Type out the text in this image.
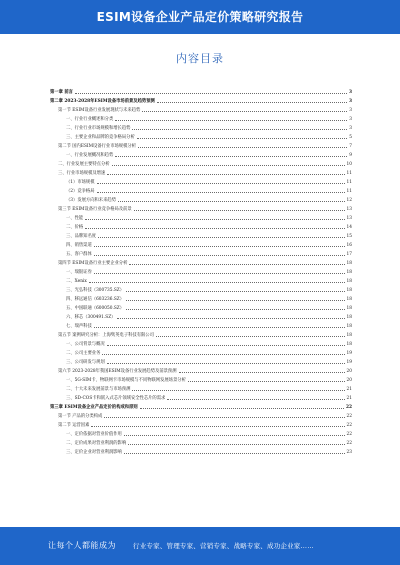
ESIM设备企业产品定价策略研究报告
内容目录
第一章 前言	3
第二章 2023-2028年ESIM设备市场前景及趋势预测	3
第一节 ESIM设备行业发展现状与未来趋势	3
一、行业行业概述和分类	3
二、行业行业市场规模和增长趋势	3
三、主要企业和品牌的竞争格局分析	5
第二节 国内ESIM设备行业市场规模分析	7
一、行业发展概况和趋势	9
二、行业发展主要特点分析	10
三、行业市场规模及增速	11
（1）市场规模	11
（2）竞争格局	11
（3）发展方向和未来趋势	12
第三节 ESIM设备行业竞争格局及前景	13
一、性能	13
二、价格	14
三、品牌知名度	15
四、销售渠道	16
五、客户群体	17
第四节 ESIM设备行业主要企业分析	18
一、瑞银证券	18
二、Xenix	18
三、光弘科技（300735.SZ）	18
四、移远通信（603236.SZ）	18
五、中国联通（600050.SZ）	18
六、移芯（300491.SZ）	18
七、瑞声科技	18
第五节 案例研究分析：上海隽英电子科技有限公司	18
一、公司背景与概况	18
二、公司主要业务	19
三、公司研发与规划	19
第六节 2023-2028年我国ESIM设备行业发展趋势及前景预测	20
一、5G-SIM卡、物联网卡市场规模与不同物联网发展场景分析	20
二、十大未来发展前景与市场预测	21
三、SD-COS卡和嵌入式芯片领域安全性芯片的需求	21
第三章 ESIM设备企业产品定价的构成和原则	22
第一节 产品的分类构成	22
第二节 运营因素	22
一、定价依据对营业价值作用	22
二、定价成果对营业利润的影响	22
三、定价企业对营业利润影响	23
让每个人都能成为	行业专家、管理专家、营销专家、战略专家、成功企业家……
